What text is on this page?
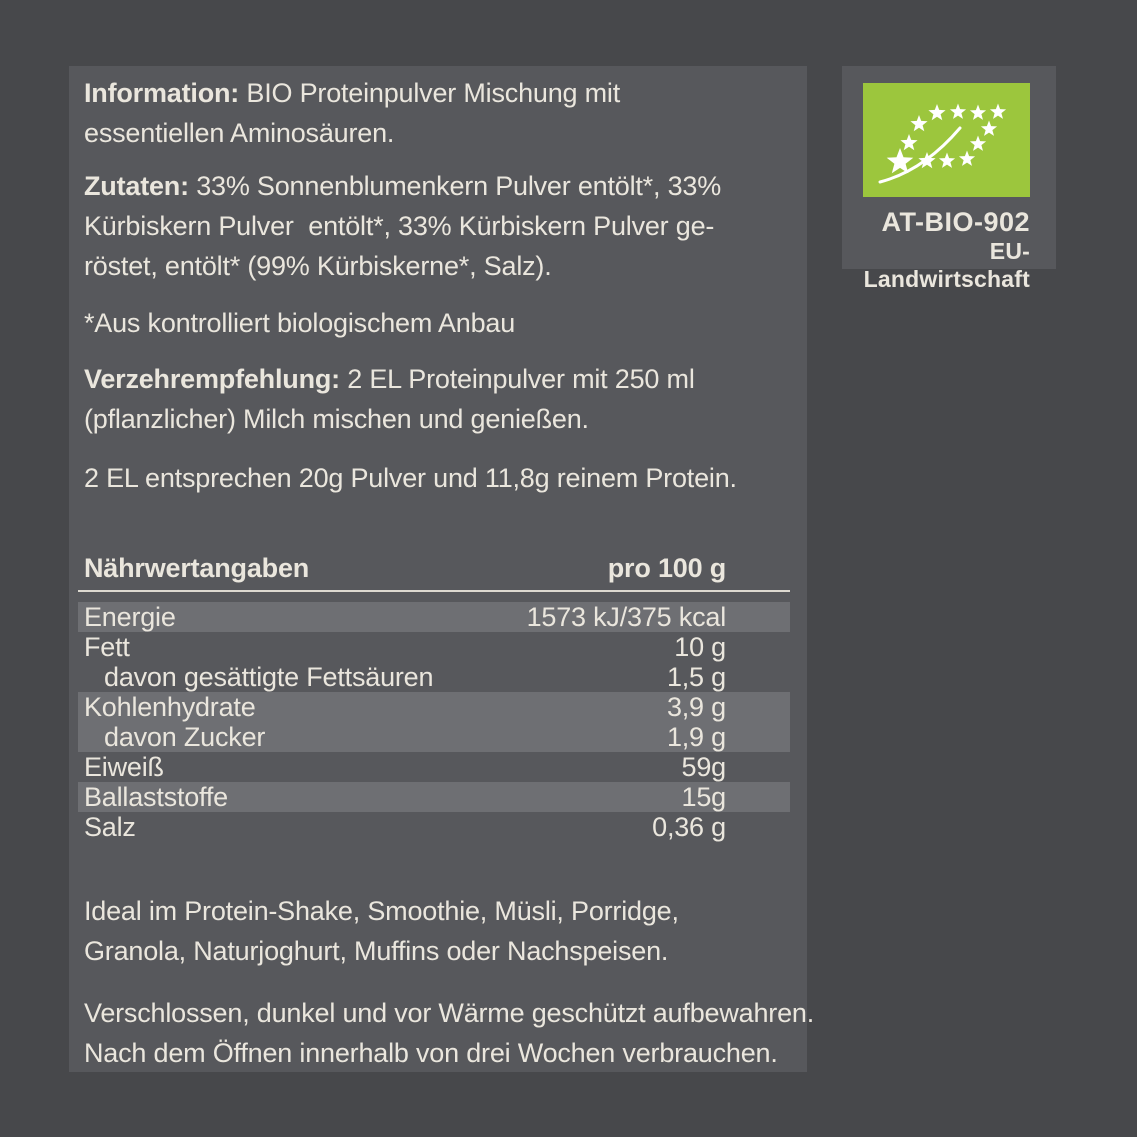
Information: BIO Proteinpulver Mischung mit
essentiellen Aminosäuren.

Zutaten: 33% Sonnenblumenkern Pulver entölt*, 33%
Kürbiskern Pulver  entölt*, 33% Kürbiskern Pulver ge-
röstet, entölt* (99% Kürbiskerne*, Salz).

*Aus kontrolliert biologischem Anbau

Verzehrempfehlung: 2 EL Proteinpulver mit 250 ml
(pflanzlicher) Milch mischen und genießen.

2 EL entsprechen 20g Pulver und 11,8g reinem Protein.

Nährwertangaben	pro 100 g
Energie	1573 kJ/375 kcal
Fett	10 g
davon gesättigte Fettsäuren	1,5 g
Kohlenhydrate	3,9 g
davon Zucker	1,9 g
Eiweiß	59g
Ballaststoffe	15g
Salz	0,36 g

Ideal im Protein-Shake, Smoothie, Müsli, Porridge,
Granola, Naturjoghurt, Muffins oder Nachspeisen.

Verschlossen, dunkel und vor Wärme geschützt aufbewahren.
Nach dem Öffnen innerhalb von drei Wochen verbrauchen.

AT-BIO-902
EU-Landwirtschaft
